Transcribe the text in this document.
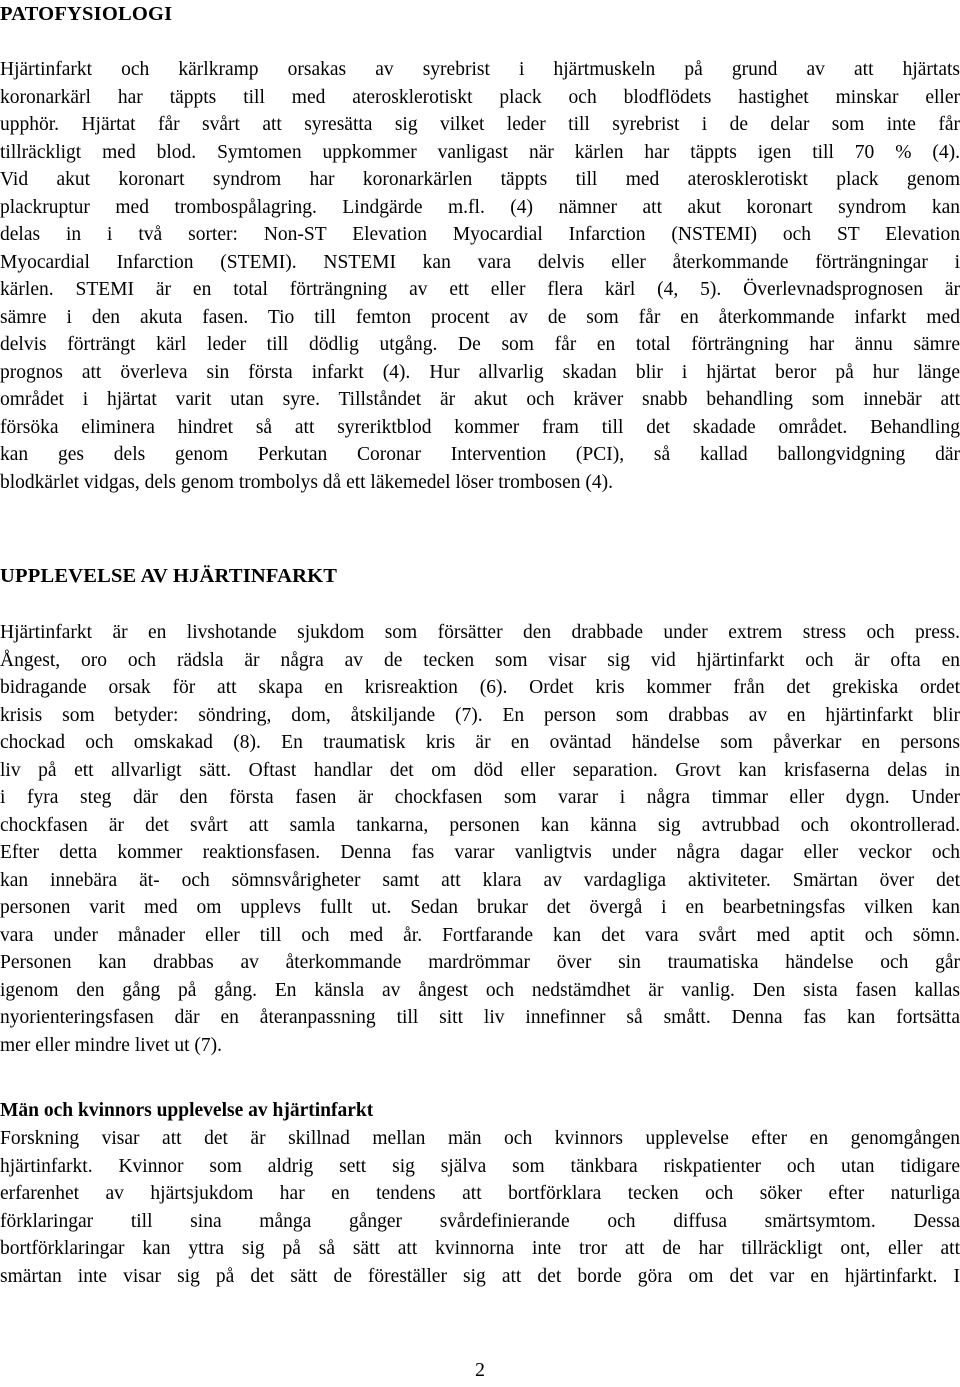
PATOFYSIOLOGI
Hjärtinfarkt och kärlkramp orsakas av syrebrist i hjärtmuskeln på grund av att hjärtats
koronarkärl har täppts till med aterosklerotiskt plack och blodflödets hastighet minskar eller
upphör. Hjärtat får svårt att syresätta sig vilket leder till syrebrist i de delar som inte får
tillräckligt med blod. Symtomen uppkommer vanligast när kärlen har täppts igen till 70 % (4).
Vid akut koronart syndrom har koronarkärlen täppts till med aterosklerotiskt plack genom
plackruptur med trombospålagring. Lindgärde m.fl. (4) nämner att akut koronart syndrom kan
delas in i två sorter: Non-ST Elevation Myocardial Infarction (NSTEMI) och ST Elevation
Myocardial Infarction (STEMI). NSTEMI kan vara delvis eller återkommande förträngningar i
kärlen. STEMI är en total förträngning av ett eller flera kärl (4, 5). Överlevnadsprognosen är
sämre i den akuta fasen. Tio till femton procent av de som får en återkommande infarkt med
delvis förträngt kärl leder till dödlig utgång. De som får en total förträngning har ännu sämre
prognos att överleva sin första infarkt (4). Hur allvarlig skadan blir i hjärtat beror på hur länge
området i hjärtat varit utan syre. Tillståndet är akut och kräver snabb behandling som innebär att
försöka eliminera hindret så att syreriktblod kommer fram till det skadade området. Behandling
kan ges dels genom Perkutan Coronar Intervention (PCI), så kallad ballongvidgning där
blodkärlet vidgas, dels genom trombolys då ett läkemedel löser trombosen (4).
UPPLEVELSE AV HJÄRTINFARKT
Hjärtinfarkt är en livshotande sjukdom som försätter den drabbade under extrem stress och press.
Ångest, oro och rädsla är några av de tecken som visar sig vid hjärtinfarkt och är ofta en
bidragande orsak för att skapa en krisreaktion (6). Ordet kris kommer från det grekiska ordet
krisis som betyder: söndring, dom, åtskiljande (7). En person som drabbas av en hjärtinfarkt blir
chockad och omskakad (8). En traumatisk kris är en oväntad händelse som påverkar en persons
liv på ett allvarligt sätt. Oftast handlar det om död eller separation. Grovt kan krisfaserna delas in
i fyra steg där den första fasen är chockfasen som varar i några timmar eller dygn. Under
chockfasen är det svårt att samla tankarna, personen kan känna sig avtrubbad och okontrollerad.
Efter detta kommer reaktionsfasen. Denna fas varar vanligtvis under några dagar eller veckor och
kan innebära ät- och sömnsvårigheter samt att klara av vardagliga aktiviteter. Smärtan över det
personen varit med om upplevs fullt ut. Sedan brukar det övergå i en bearbetningsfas vilken kan
vara under månader eller till och med år. Fortfarande kan det vara svårt med aptit och sömn.
Personen kan drabbas av återkommande mardrömmar över sin traumatiska händelse och går
igenom den gång på gång. En känsla av ångest och nedstämdhet är vanlig. Den sista fasen kallas
nyorienteringsfasen där en återanpassning till sitt liv innefinner så smått. Denna fas kan fortsätta
mer eller mindre livet ut (7).
Män och kvinnors upplevelse av hjärtinfarkt
Forskning visar att det är skillnad mellan män och kvinnors upplevelse efter en genomgången
hjärtinfarkt. Kvinnor som aldrig sett sig själva som tänkbara riskpatienter och utan tidigare
erfarenhet av hjärtsjukdom har en tendens att bortförklara tecken och söker efter naturliga
förklaringar till sina många gånger svårdefinierande och diffusa smärtsymtom. Dessa
bortförklaringar kan yttra sig på så sätt att kvinnorna inte tror att de har tillräckligt ont, eller att
smärtan inte visar sig på det sätt de föreställer sig att det borde göra om det var en hjärtinfarkt. I

2
